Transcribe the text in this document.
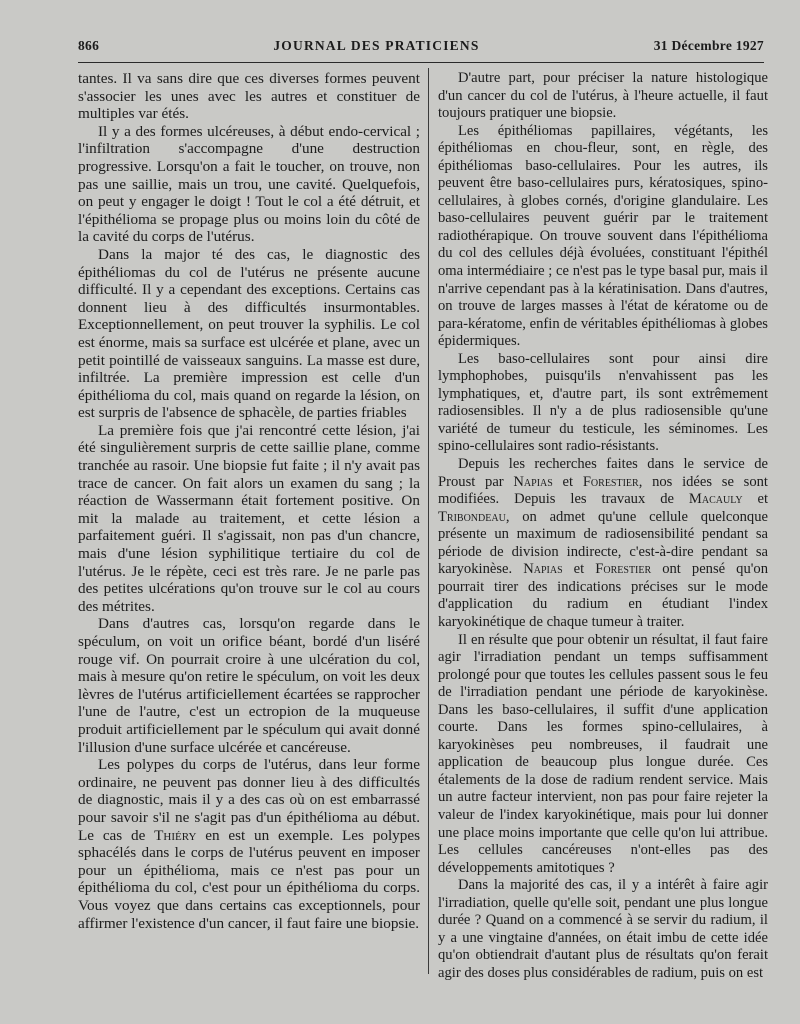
866	JOURNAL DES PRATICIENS	31 Décembre 1927

tantes. Il va sans dire que ces diverses formes peuvent s'associer les unes avec les autres et constituer de multiples var étés.

Il y a des formes ulcéreuses, à début endo-cervical ; l'infiltration s'accompagne d'une destruction progressive. Lorsqu'on a fait le toucher, on trouve, non pas une saillie, mais un trou, une cavité. Quelquefois, on peut y engager le doigt ! Tout le col a été détruit, et l'épithélioma se propage plus ou moins loin du côté de la cavité du corps de l'utérus.

Dans la major té des cas, le diagnostic des épithéliomas du col de l'utérus ne présente aucune difficulté. Il y a cependant des exceptions. Certains cas donnent lieu à des difficultés insurmontables. Exceptionnellement, on peut trouver la syphilis. Le col est énorme, mais sa surface est ulcérée et plane, avec un petit pointillé de vaisseaux sanguins. La masse est dure, infiltrée. La première impression est celle d'un épithélioma du col, mais quand on regarde la lésion, on est surpris de l'absence de sphacèle, de parties friables

La première fois que j'ai rencontré cette lésion, j'ai été singulièrement surpris de cette saillie plane, comme tranchée au rasoir. Une biopsie fut faite ; il n'y avait pas trace de cancer. On fait alors un examen du sang ; la réaction de Wassermann était fortement positive. On mit la malade au traitement, et cette lésion a parfaitement guéri. Il s'agissait, non pas d'un chancre, mais d'une lésion syphilitique tertiaire du col de l'utérus. Je le répète, ceci est très rare. Je ne parle pas des petites ulcérations qu'on trouve sur le col au cours des métrites.

Dans d'autres cas, lorsqu'on regarde dans le spéculum, on voit un orifice béant, bordé d'un liséré rouge vif. On pourrait croire à une ulcération du col, mais à mesure qu'on retire le spéculum, on voit les deux lèvres de l'utérus artificiellement écartées se rapprocher l'une de l'autre, c'est un ectropion de la muqueuse produit artificiellement par le spéculum qui avait donné l'illusion d'une surface ulcérée et cancéreuse.

Les polypes du corps de l'utérus, dans leur forme ordinaire, ne peuvent pas donner lieu à des difficultés de diagnostic, mais il y a des cas où on est embarrassé pour savoir s'il ne s'agit pas d'un épithélioma au début. Le cas de Thiéry en est un exemple. Les polypes sphacélés dans le corps de l'utérus peuvent en imposer pour un épithélioma, mais ce n'est pas pour un épithélioma du col, c'est pour un épithélioma du corps. Vous voyez que dans certains cas exceptionnels, pour affirmer l'existence d'un cancer, il faut faire une biopsie.

D'autre part, pour préciser la nature histologique d'un cancer du col de l'utérus, à l'heure actuelle, il faut toujours pratiquer une biopsie.

Les épithéliomas papillaires, végétants, les épithéliomas en chou-fleur, sont, en règle, des épithéliomas baso-cellulaires. Pour les autres, ils peuvent être baso-cellulaires purs, kératosiques, spino-cellulaires, à globes cornés, d'origine glandulaire. Les baso-cellulaires peuvent guérir par le traitement radiothérapique. On trouve souvent dans l'épithélioma du col des cellules déjà évoluées, constituant l'épithél oma intermédiaire ; ce n'est pas le type basal pur, mais il n'arrive cependant pas à la kératinisation. Dans d'autres, on trouve de larges masses à l'état de kératome ou de para-kératome, enfin de véritables épithéliomas à globes épidermiques.

Les baso-cellulaires sont pour ainsi dire lymphophobes, puisqu'ils n'envahissent pas les lymphatiques, et, d'autre part, ils sont extrêmement radiosensibles. Il n'y a de plus radiosensible qu'une variété de tumeur du testicule, les séminomes. Les spino-cellulaires sont radio-résistants.

Depuis les recherches faites dans le service de Proust par Napias et Forestier, nos idées se sont modifiées. Depuis les travaux de Macauly et Tribondeau, on admet qu'une cellule quelconque présente un maximum de radiosensibilité pendant sa période de division indirecte, c'est-à-dire pendant sa karyokinèse. Napias et Forestier ont pensé qu'on pourrait tirer des indications précises sur le mode d'application du radium en étudiant l'index karyokinétique de chaque tumeur à traiter.

Il en résulte que pour obtenir un résultat, il faut faire agir l'irradiation pendant un temps suffisamment prolongé pour que toutes les cellules passent sous le feu de l'irradiation pendant une période de karyokinèse. Dans les baso-cellulaires, il suffit d'une application courte. Dans les formes spino-cellulaires, à karyokinèses peu nombreuses, il faudrait une application de beaucoup plus longue durée. Ces étalements de la dose de radium rendent service. Mais un autre facteur intervient, non pas pour faire rejeter la valeur de l'index karyokinétique, mais pour lui donner une place moins importante que celle qu'on lui attribue. Les cellules cancéreuses n'ont-elles pas des développements amitotiques ?

Dans la majorité des cas, il y a intérêt à faire agir l'irradiation, quelle qu'elle soit, pendant une plus longue durée ? Quand on a commencé à se servir du radium, il y a une vingtaine d'années, on était imbu de cette idée qu'on obtiendrait d'autant plus de résultats qu'on ferait agir des doses plus considérables de radium, puis on est
